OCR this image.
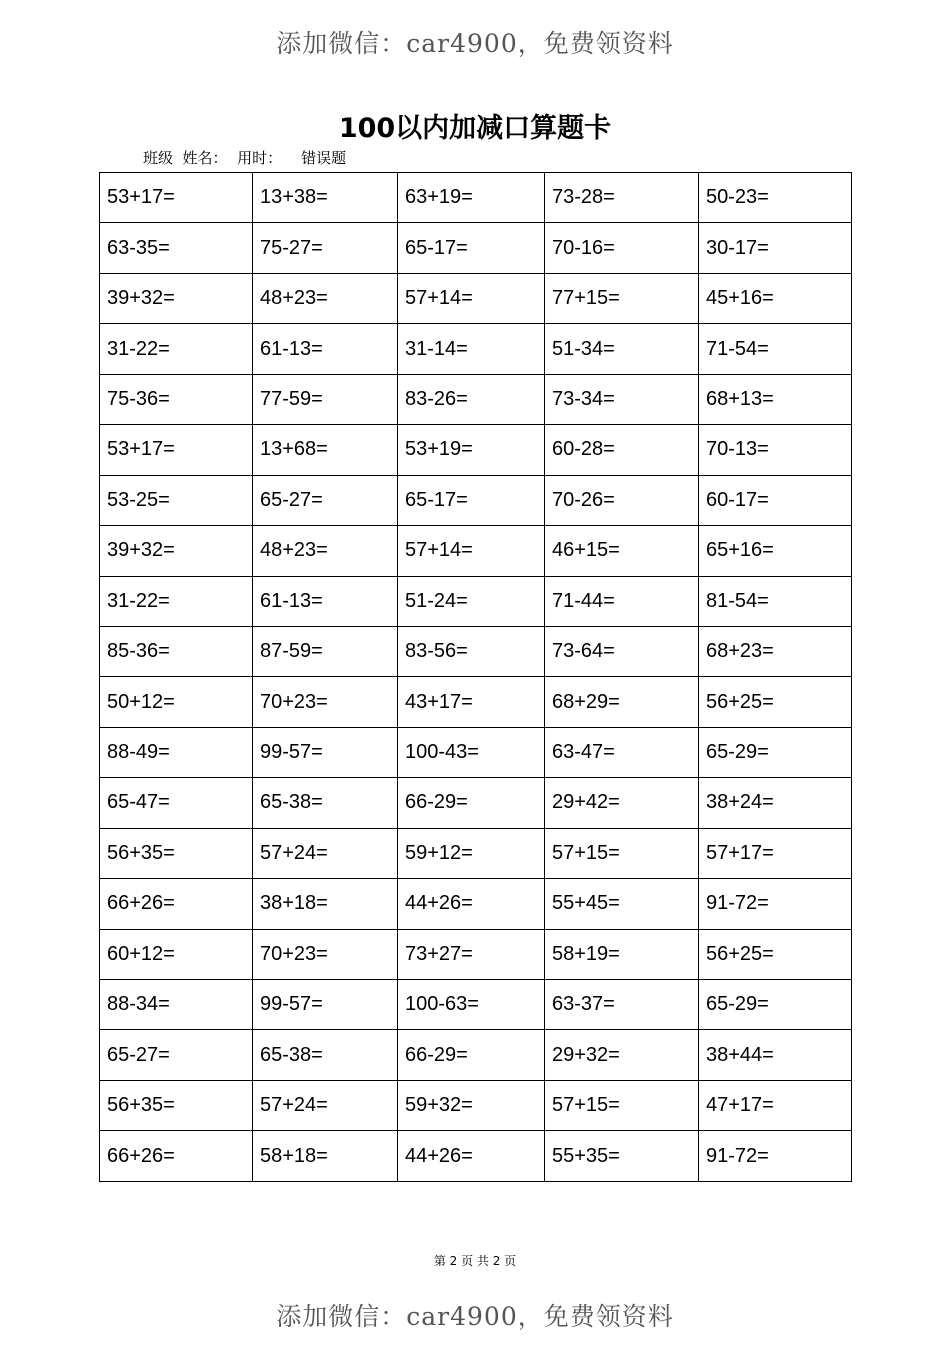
添加微信：car4900，免费领资料
100以内加减口算题卡
班级  姓名：  用时：    错误题
53+17=	13+38=	63+19=	73-28=	50-23=
63-35=	75-27=	65-17=	70-16=	30-17=
39+32=	48+23=	57+14=	77+15=	45+16=
31-22=	61-13=	31-14=	51-34=	71-54=
75-36=	77-59=	83-26=	73-34=	68+13=
53+17=	13+68=	53+19=	60-28=	70-13=
53-25=	65-27=	65-17=	70-26=	60-17=
39+32=	48+23=	57+14=	46+15=	65+16=
31-22=	61-13=	51-24=	71-44=	81-54=
85-36=	87-59=	83-56=	73-64=	68+23=
50+12=	70+23=	43+17=	68+29=	56+25=
88-49=	99-57=	100-43=	63-47=	65-29=
65-47=	65-38=	66-29=	29+42=	38+24=
56+35=	57+24=	59+12=	57+15=	57+17=
66+26=	38+18=	44+26=	55+45=	91-72=
60+12=	70+23=	73+27=	58+19=	56+25=
88-34=	99-57=	100-63=	63-37=	65-29=
65-27=	65-38=	66-29=	29+32=	38+44=
56+35=	57+24=	59+32=	57+15=	47+17=
66+26=	58+18=	44+26=	55+35=	91-72=
第 2 页 共 2 页
添加微信：car4900，免费领资料
